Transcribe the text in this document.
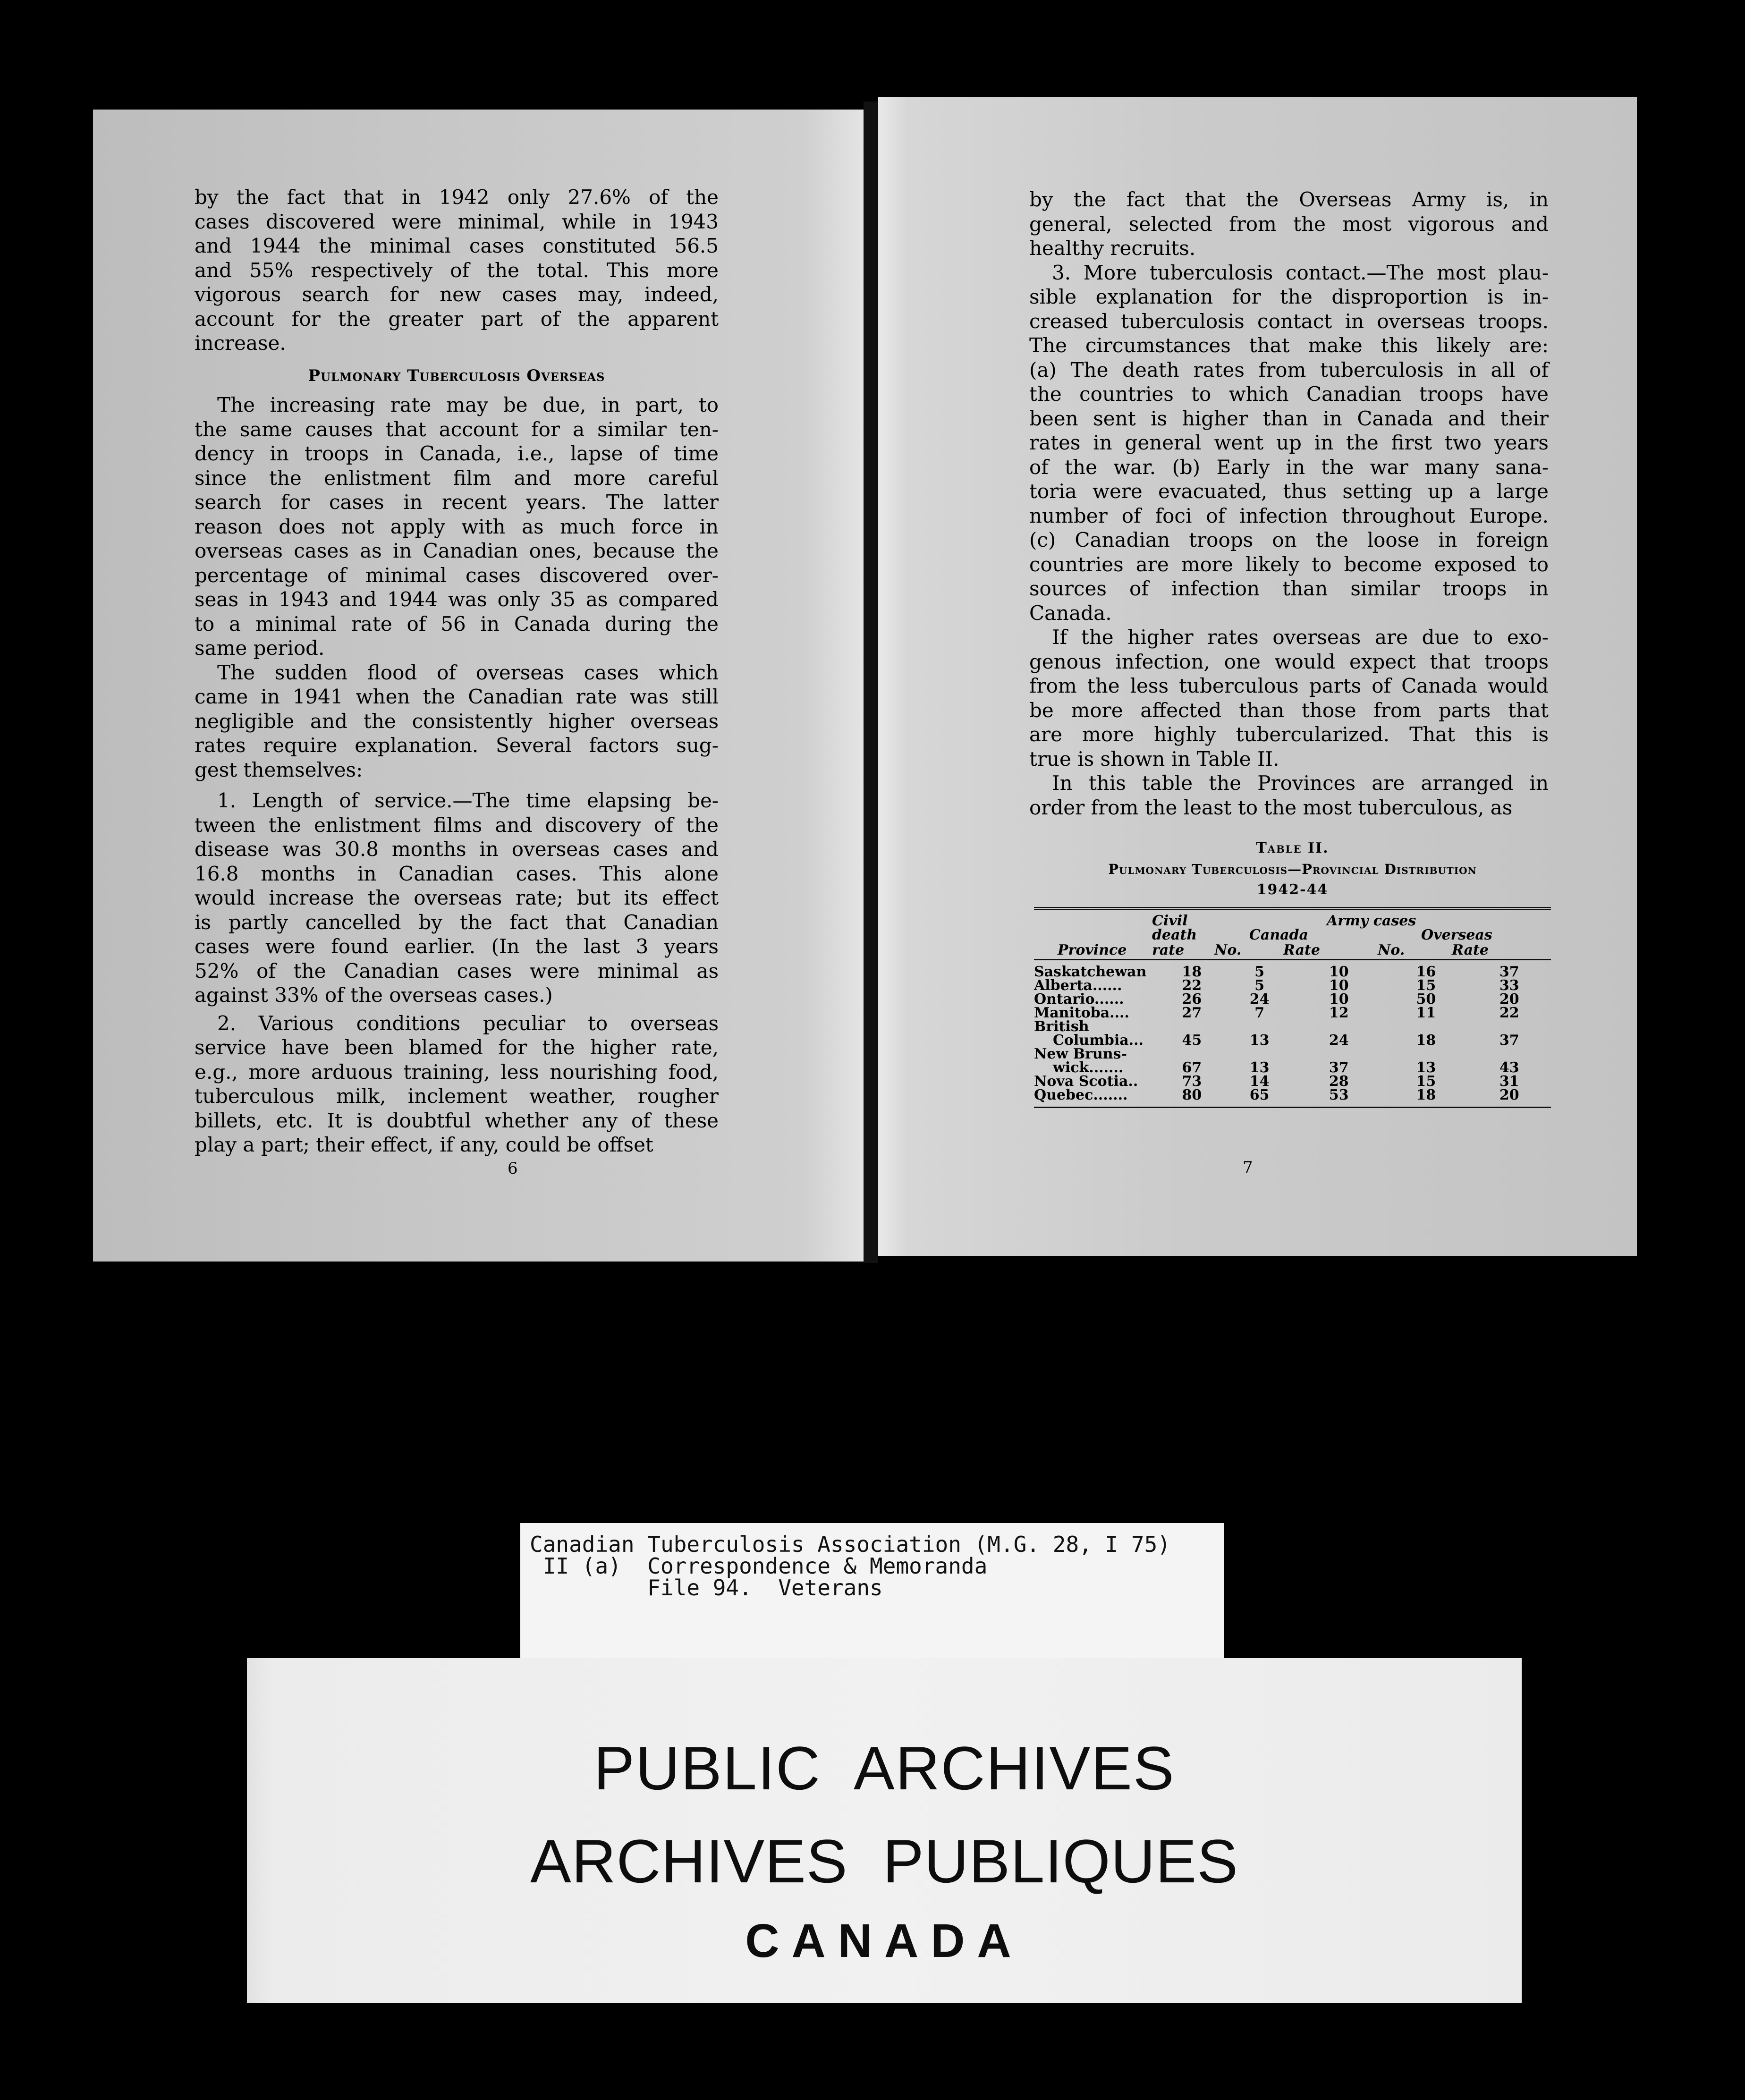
by the fact that in 1942 only 27.6% of the
cases discovered were minimal, while in 1943
and 1944 the minimal cases constituted 56.5
and 55% respectively of the total. This more
vigorous search for new cases may, indeed,
account for the greater part of the apparent
increase.

Pulmonary Tuberculosis Overseas

The increasing rate may be due, in part, to
the same causes that account for a similar ten-
dency in troops in Canada, i.e., lapse of time
since the enlistment film and more careful
search for cases in recent years. The latter
reason does not apply with as much force in
overseas cases as in Canadian ones, because the
percentage of minimal cases discovered over-
seas in 1943 and 1944 was only 35 as compared
to a minimal rate of 56 in Canada during the
same period.

The sudden flood of overseas cases which
came in 1941 when the Canadian rate was still
negligible and the consistently higher overseas
rates require explanation. Several factors sug-
gest themselves:

1. Length of service.—The time elapsing be-
tween the enlistment films and discovery of the
disease was 30.8 months in overseas cases and
16.8 months in Canadian cases. This alone
would increase the overseas rate; but its effect
is partly cancelled by the fact that Canadian
cases were found earlier. (In the last 3 years
52% of the Canadian cases were minimal as
against 33% of the overseas cases.)

2. Various conditions peculiar to overseas
service have been blamed for the higher rate,
e.g., more arduous training, less nourishing food,
tuberculous milk, inclement weather, rougher
billets, etc. It is doubtful whether any of these
play a part; their effect, if any, could be offset

6

by the fact that the Overseas Army is, in
general, selected from the most vigorous and
healthy recruits.

3. More tuberculosis contact.—The most plau-
sible explanation for the disproportion is in-
creased tuberculosis contact in overseas troops.
The circumstances that make this likely are:
(a) The death rates from tuberculosis in all of
the countries to which Canadian troops have
been sent is higher than in Canada and their
rates in general went up in the first two years
of the war. (b) Early in the war many sana-
toria were evacuated, thus setting up a large
number of foci of infection throughout Europe.
(c) Canadian troops on the loose in foreign
countries are more likely to become exposed to
sources of infection than similar troops in
Canada.

If the higher rates overseas are due to exo-
genous infection, one would expect that troops
from the less tuberculous parts of Canada would
be more affected than those from parts that
are more highly tubercularized. That this is
true is shown in Table II.

In this table the Provinces are arranged in
order from the least to the most tuberculous, as

Table II.
Pulmonary Tuberculosis—Provincial Distribution
1942-44
Civil
death
rate
Army cases
Canada	Overseas
Province	No.	Rate	No.	Rate
Saskatchewan	18	5	10	16	37

Alberta......	22	5	10	15	33

Ontario......	26	24	10	50	20

Manitoba....	27	7	12	11	22

British
Columbia...	45	13	24	18	37

New Bruns-
wick.......	67	13	37	13	43

Nova Scotia..	73	14	28	15	31

Quebec.......	80	65	53	18	20
7
Canadian Tuberculosis Association (M.G. 28, I 75)
II (a)  Correspondence & Memoranda
File 94.  Veterans
PUBLIC  ARCHIVES
ARCHIVES  PUBLIQUES
CANADA
